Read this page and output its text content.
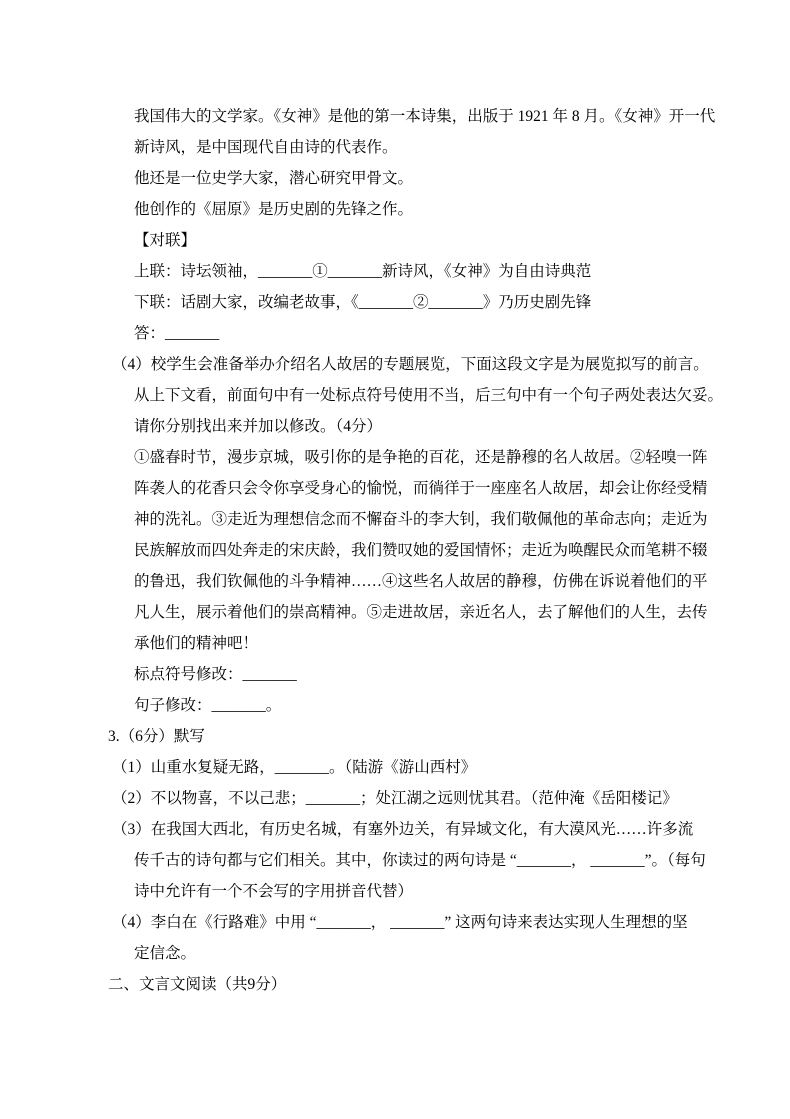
我国伟大的文学家。《女神》是他的第一本诗集，出版于 1921 年 8 月。《女神》开一代
新诗风，是中国现代自由诗的代表作。
他还是一位史学大家，潜心研究甲骨文。
他创作的《屈原》是历史剧的先锋之作。
【对联】
上联：诗坛领袖，_______①_______新诗风，《女神》为自由诗典范
下联：话剧大家，改编老故事，《_______②_______》乃历史剧先锋
答：_______
（4）校学生会准备举办介绍名人故居的专题展览，下面这段文字是为展览拟写的前言。
从上下文看，前面句中有一处标点符号使用不当，后三句中有一个句子两处表达欠妥。
请你分别找出来并加以修改。（4分）
①盛春时节，漫步京城，吸引你的是争艳的百花，还是静穆的名人故居。②轻嗅一阵
阵袭人的花香只会令你享受身心的愉悦，而徜徉于一座座名人故居，却会让你经受精
神的洗礼。③走近为理想信念而不懈奋斗的李大钊，我们敬佩他的革命志向；走近为
民族解放而四处奔走的宋庆龄，我们赞叹她的爱国情怀；走近为唤醒民众而笔耕不辍
的鲁迅，我们钦佩他的斗争精神……④这些名人故居的静穆，仿佛在诉说着他们的平
凡人生，展示着他们的崇高精神。⑤走进故居，亲近名人，去了解他们的人生，去传
承他们的精神吧！
标点符号修改：_______
句子修改：_______。
3.（6分）默写
（1）山重水复疑无路，_______。（陆游《游山西村》
（2）不以物喜，不以己悲；_______；处江湖之远则忧其君。（范仲淹《岳阳楼记》
（3）在我国大西北，有历史名城，有塞外边关，有异域文化，有大漠风光……许多流
传千古的诗句都与它们相关。其中，你读过的两句诗是 “_______， _______”。（每句
诗中允许有一个不会写的字用拼音代替）
（4）李白在《行路难》中用 “_______， _______” 这两句诗来表达实现人生理想的坚
定信念。
二、文言文阅读（共9分）
